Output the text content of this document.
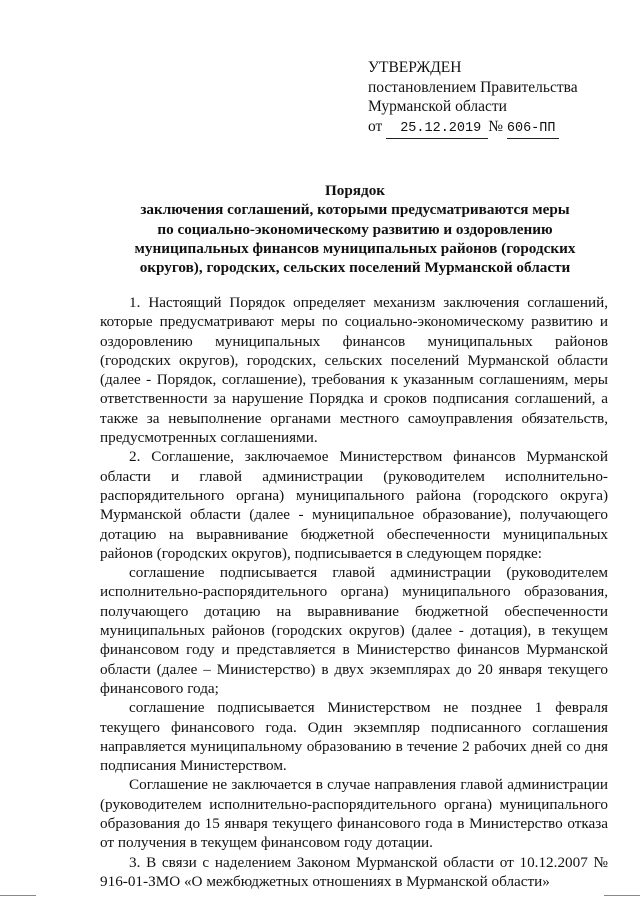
УТВЕРЖДЕН
постановлением Правительства
Мурманской области
от 25.12.2019 № 606-ПП
Порядок
заключения соглашений, которыми предусматриваются меры
по социально-экономическому развитию и оздоровлению
муниципальных финансов муниципальных районов (городских
округов), городских, сельских поселений Мурманской области

1. Настоящий Порядок определяет механизм заключения соглашений, которые предусматривают меры по социально-экономическому развитию и оздоровлению муниципальных финансов муниципальных районов (городских округов), городских, сельских поселений Мурманской области (далее - Порядок, соглашение), требования к указанным соглашениям, меры ответственности за нарушение Порядка и сроков подписания соглашений, а также за невыполнение органами местного самоуправления обязательств, предусмотренных соглашениями.

2. Соглашение, заключаемое Министерством финансов Мурманской области и главой администрации (руководителем исполнительно-распорядительного органа) муниципального района (городского округа) Мурманской области (далее - муниципальное образование), получающего дотацию на выравнивание бюджетной обеспеченности муниципальных районов (городских округов), подписывается в следующем порядке:

соглашение подписывается главой администрации (руководителем исполнительно-распорядительного органа) муниципального образования, получающего дотацию на выравнивание бюджетной обеспеченности муниципальных районов (городских округов) (далее - дотация), в текущем финансовом году и представляется в Министерство финансов Мурманской области (далее – Министерство) в двух экземплярах до 20 января текущего финансового года;

соглашение подписывается Министерством не позднее 1 февраля текущего финансового года. Один экземпляр подписанного соглашения направляется муниципальному образованию в течение 2 рабочих дней со дня подписания Министерством.

Соглашение не заключается в случае направления главой администрации (руководителем исполнительно-распорядительного органа) муниципального образования до 15 января текущего финансового года в Министерство отказа от получения в текущем финансовом году дотации.

3. В связи с наделением Законом Мурманской области от 10.12.2007 № 916-01-ЗМО «О межбюджетных отношениях в Мурманской области»
